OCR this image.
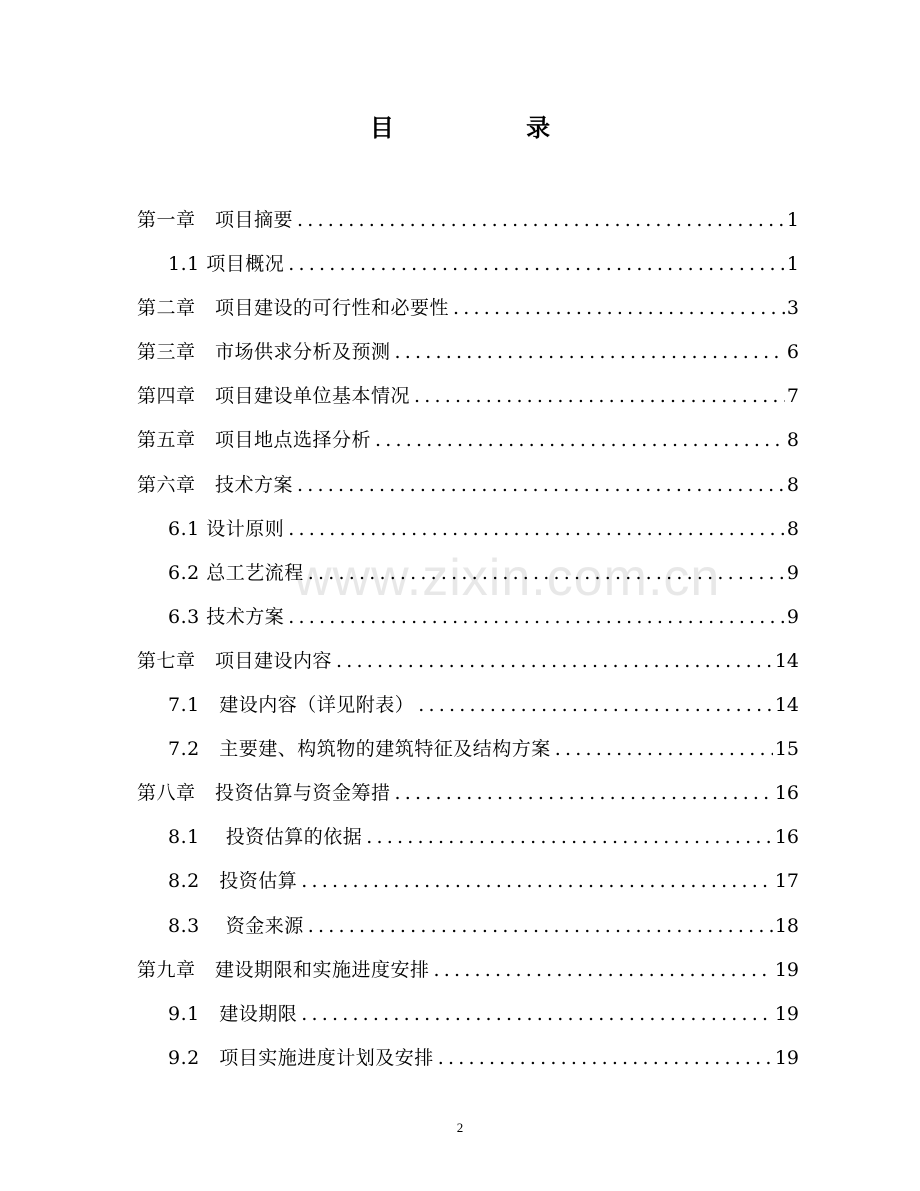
目 录
www.zixin.com.cn
第一章　 项目摘要 .....	1
1.1 项目概况 .....	1
第二章　 项目建设的可行性和必要性 .....	3
第三章　 市场供求分析及预测 .....	6
第四章　 项目建设单位基本情况 .....	7
第五章　 项目地点选择分析 .....	8
第六章　 技术方案 .....	8
6.1 设计原则 .....	8
6.2 总工艺流程 .....	9
6.3 技术方案 .....	9
第七章　 项目建设内容 .....	14
7.1　 建设内容（详见附表） .....	14
7.2　 主要建、构筑物的建筑特征及结构方案 .....	15
第八章　 投资估算与资金筹措 .....	16
8.1　 投资估算的依据 .....	16
8.2　 投资估算 .....	17
8.3　 资金来源 .....	18
第九章　 建设期限和实施进度安排 .....	19
9.1　 建设期限 .....	19
9.2　 项目实施进度计划及安排 .....	19
2
